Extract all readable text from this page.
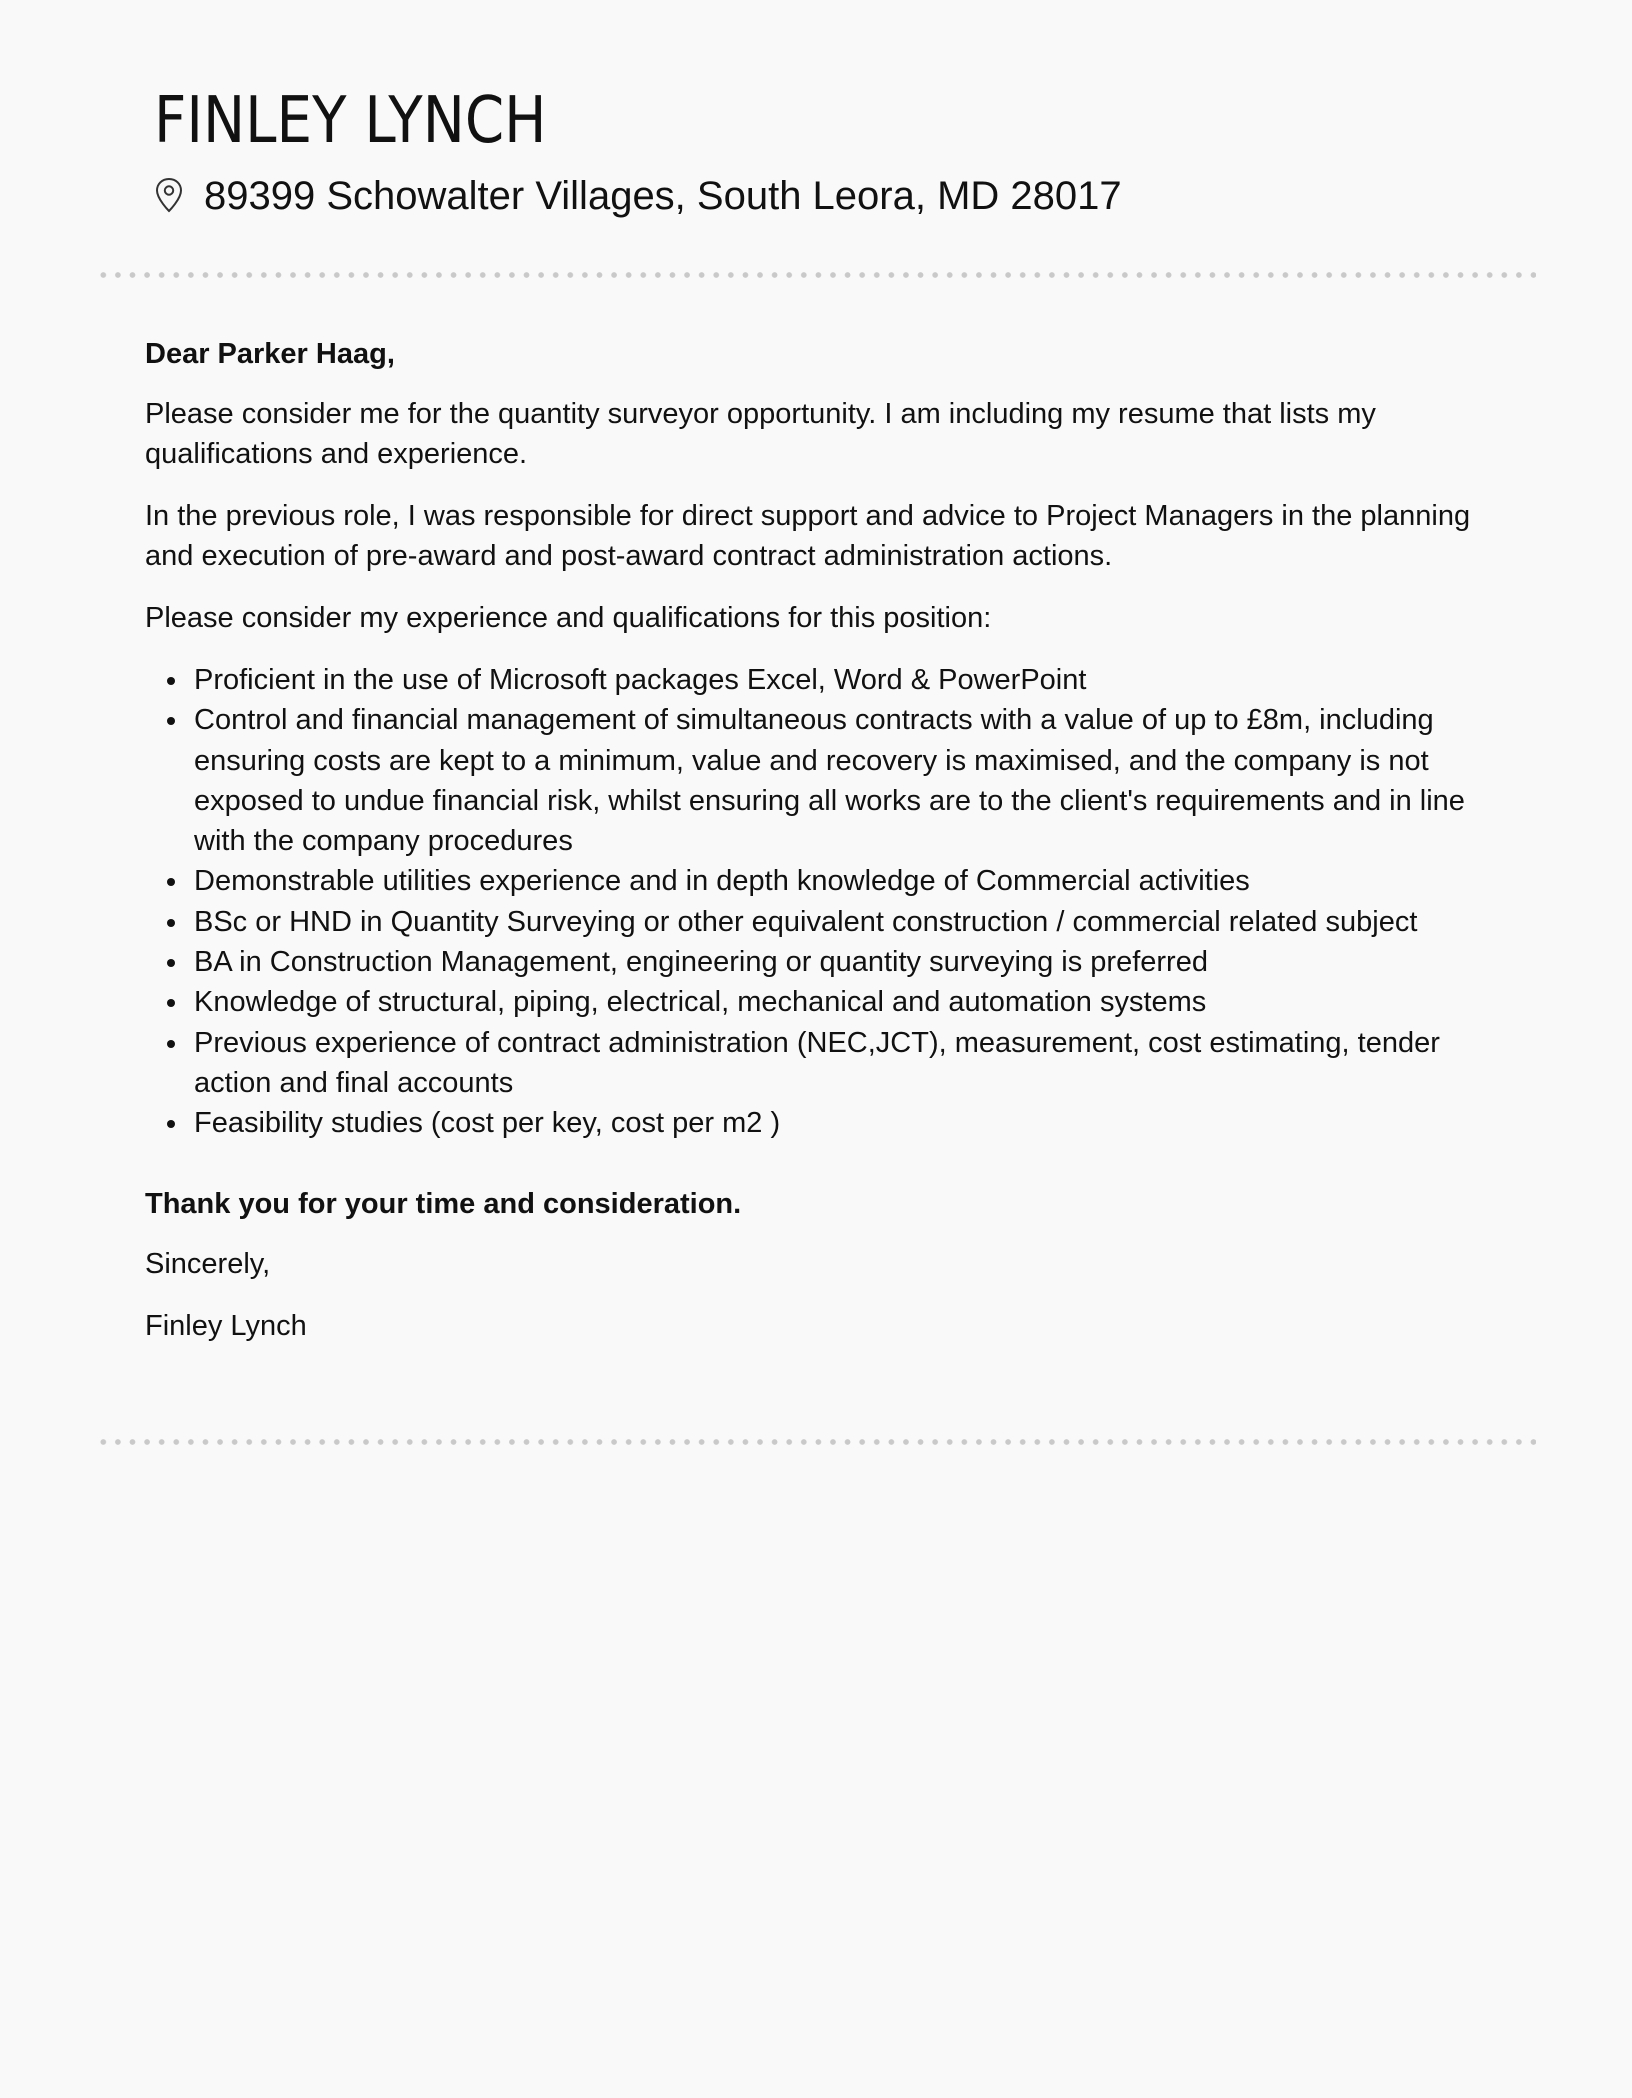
FINLEY LYNCH
89399 Schowalter Villages, South Leora, MD 28017

Dear Parker Haag,

Please consider me for the quantity surveyor opportunity. I am including my resume that lists my qualifications and experience.

In the previous role, I was responsible for direct support and advice to Project Managers in the planning and execution of pre-award and post-award contract administration actions.

Please consider my experience and qualifications for this position:

Proficient in the use of Microsoft packages Excel, Word & PowerPoint
Control and financial management of simultaneous contracts with a value of up to £8m, including ensuring costs are kept to a minimum, value and recovery is maximised, and the company is not exposed to undue financial risk, whilst ensuring all works are to the client's requirements and in line with the company procedures
Demonstrable utilities experience and in depth knowledge of Commercial activities
BSc or HND in Quantity Surveying or other equivalent construction / commercial related subject
BA in Construction Management, engineering or quantity surveying is preferred
Knowledge of structural, piping, electrical, mechanical and automation systems
Previous experience of contract administration (NEC,JCT), measurement, cost estimating, tender action and final accounts
Feasibility studies (cost per key, cost per m2 )

Thank you for your time and consideration.

Sincerely,

Finley Lynch
